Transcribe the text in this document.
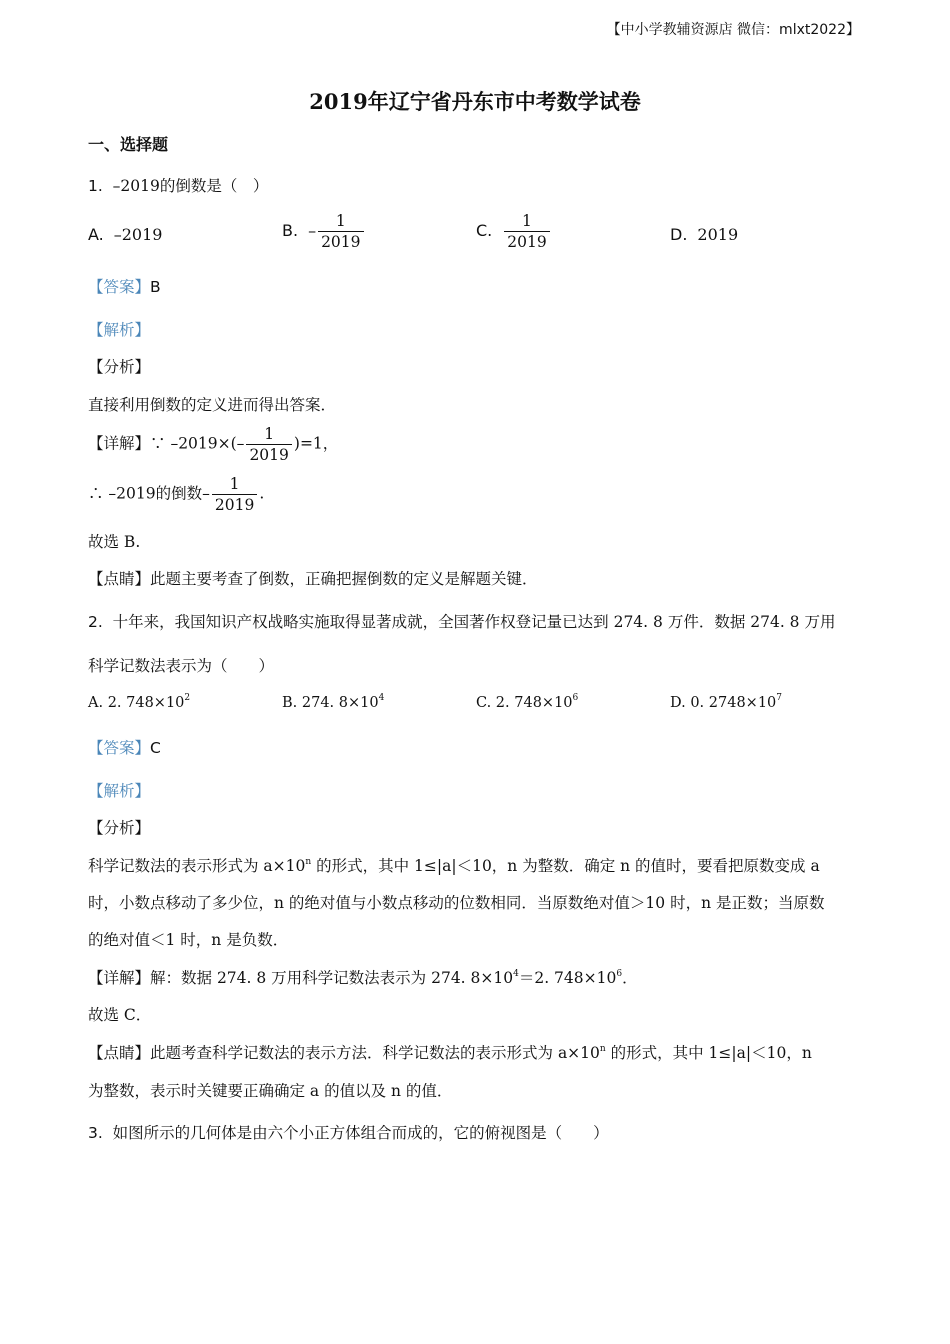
【中小学教辅资源店 微信：mlxt2022】
2019年辽宁省丹东市中考数学试卷
一、选择题
1. –2019的倒数是（　）
A. –2019	B. – $\frac{1}{2019}$	C. $\frac{1}{2019}$	D. 2019
【答案】B
【解析】
【分析】
直接利用倒数的定义进而得出答案．
【详解】∵ $-2019\times(- \frac{1}{2019} )=1$，
∴ –2019的倒数– $\frac{1}{2019}$ .
故选 B.
【点睛】此题主要考查了倒数，正确把握倒数的定义是解题关键．
2. 十年来，我国知识产权战略实施取得显著成就，全国著作权登记量已达到 274. 8 万件．数据 274. 8 万用
科学记数法表示为（　　）
A. 2. $748\times 10^2$	B. 274. $8\times 10^4$	C. 2. $748\times 10^6$	D. 0. $2748\times 10^7$
【答案】C
【解析】
【分析】
科学记数法的表示形式为 $a\times 10^n$ 的形式，其中 1≤|a|＜10，n 为整数．确定 n 的值时，要看把原数变成 a
时，小数点移动了多少位，n 的绝对值与小数点移动的位数相同．当原数绝对值＞10 时，n 是正数；当原数
的绝对值＜1 时，n 是负数．
【详解】解：数据 274. 8 万用科学记数法表示为 274. $8\times 10^4=2$. $748\times 10^6$．
故选 C．
【点睛】此题考查科学记数法的表示方法．科学记数法的表示形式为 $a\times 10^n$ 的形式，其中 1≤|a|＜10，n
为整数，表示时关键要正确确定 a 的值以及 n 的值．
3. 如图所示的几何体是由六个小正方体组合而成的，它的俯视图是（　　）
